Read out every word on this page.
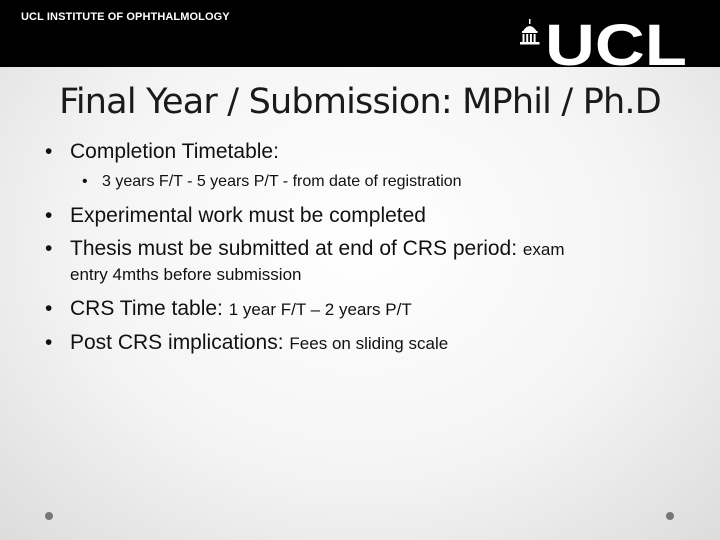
UCL INSTITUTE OF OPHTHALMOLOGY	UCL
Final Year / Submission: MPhil / Ph.D
• Completion Timetable:
• 3 years F/T - 5 years P/T - from date of registration
• Experimental work must be completed
• Thesis must be submitted at end of CRS period: exam
entry 4mths before submission
• CRS Time table: 1 year F/T – 2 years P/T
• Post CRS implications: Fees on sliding scale
